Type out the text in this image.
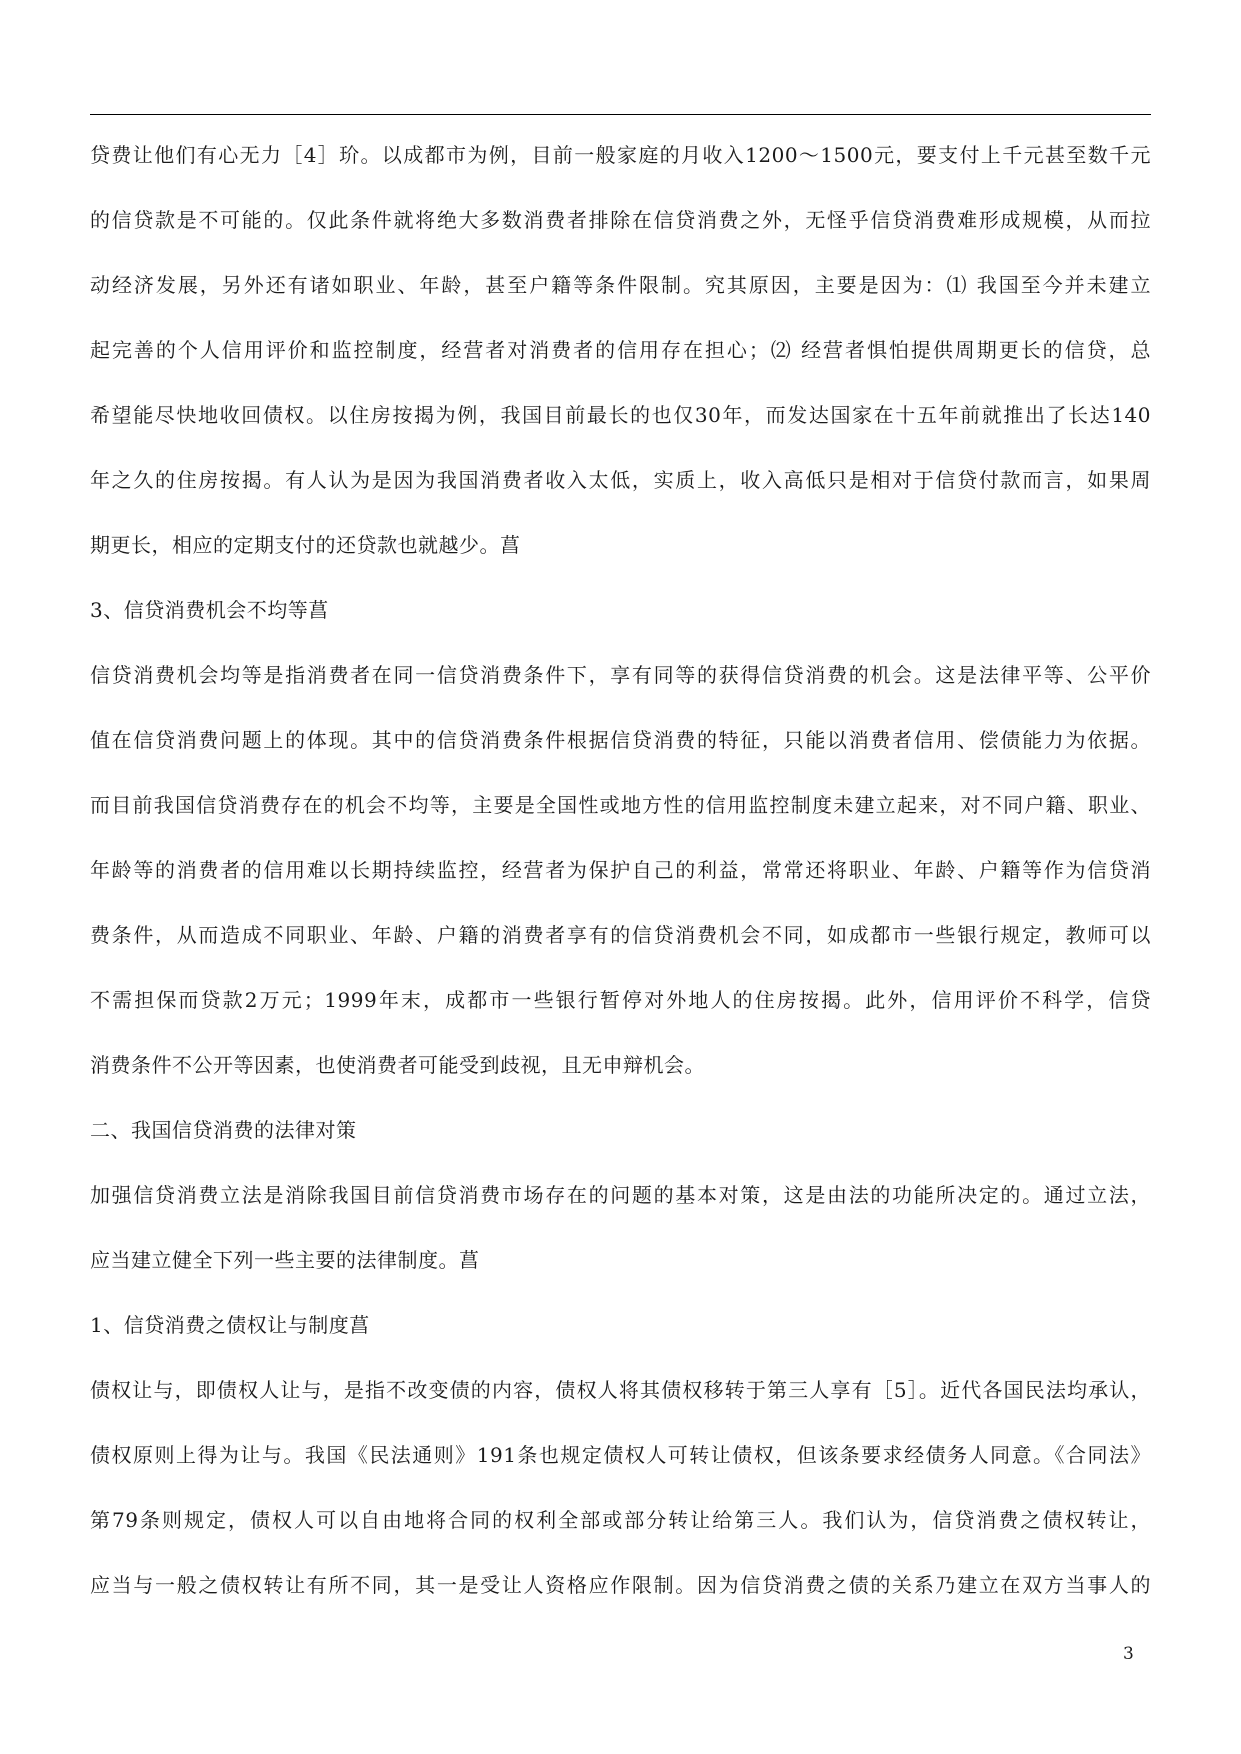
贷费让他们有心无力［4］玠。以成都市为例，目前一般家庭的月收入1200～1500元，要支付上千元甚至数千元
的信贷款是不可能的。仅此条件就将绝大多数消费者排除在信贷消费之外，无怪乎信贷消费难形成规模，从而拉
动经济发展，另外还有诸如职业、年龄，甚至户籍等条件限制。究其原因，主要是因为：⑴ 我国至今并未建立
起完善的个人信用评价和监控制度，经营者对消费者的信用存在担心；⑵ 经营者惧怕提供周期更长的信贷，总
希望能尽快地收回债权。以住房按揭为例，我国目前最长的也仅30年，而发达国家在十五年前就推出了长达140
年之久的住房按揭。有人认为是因为我国消费者收入太低，实质上，收入高低只是相对于信贷付款而言，如果周
期更长，相应的定期支付的还贷款也就越少。菖
3、信贷消费机会不均等菖
信贷消费机会均等是指消费者在同一信贷消费条件下，享有同等的获得信贷消费的机会。这是法律平等、公平价
值在信贷消费问题上的体现。其中的信贷消费条件根据信贷消费的特征，只能以消费者信用、偿债能力为依据。
而目前我国信贷消费存在的机会不均等，主要是全国性或地方性的信用监控制度未建立起来，对不同户籍、职业、
年龄等的消费者的信用难以长期持续监控，经营者为保护自己的利益，常常还将职业、年龄、户籍等作为信贷消
费条件，从而造成不同职业、年龄、户籍的消费者享有的信贷消费机会不同，如成都市一些银行规定，教师可以
不需担保而贷款2万元；1999年末，成都市一些银行暂停对外地人的住房按揭。此外，信用评价不科学，信贷
消费条件不公开等因素，也使消费者可能受到歧视，且无申辩机会。
二、我国信贷消费的法律对策
加强信贷消费立法是消除我国目前信贷消费市场存在的问题的基本对策，这是由法的功能所决定的。通过立法，
应当建立健全下列一些主要的法律制度。菖
1、信贷消费之债权让与制度菖
债权让与，即债权人让与，是指不改变债的内容，债权人将其债权移转于第三人享有［5］。近代各国民法均承认，
债权原则上得为让与。我国《民法通则》191条也规定债权人可转让债权，但该条要求经债务人同意。《合同法》
第79条则规定，债权人可以自由地将合同的权利全部或部分转让给第三人。我们认为，信贷消费之债权转让，
应当与一般之债权转让有所不同，其一是受让人资格应作限制。因为信贷消费之债的关系乃建立在双方当事人的
3
